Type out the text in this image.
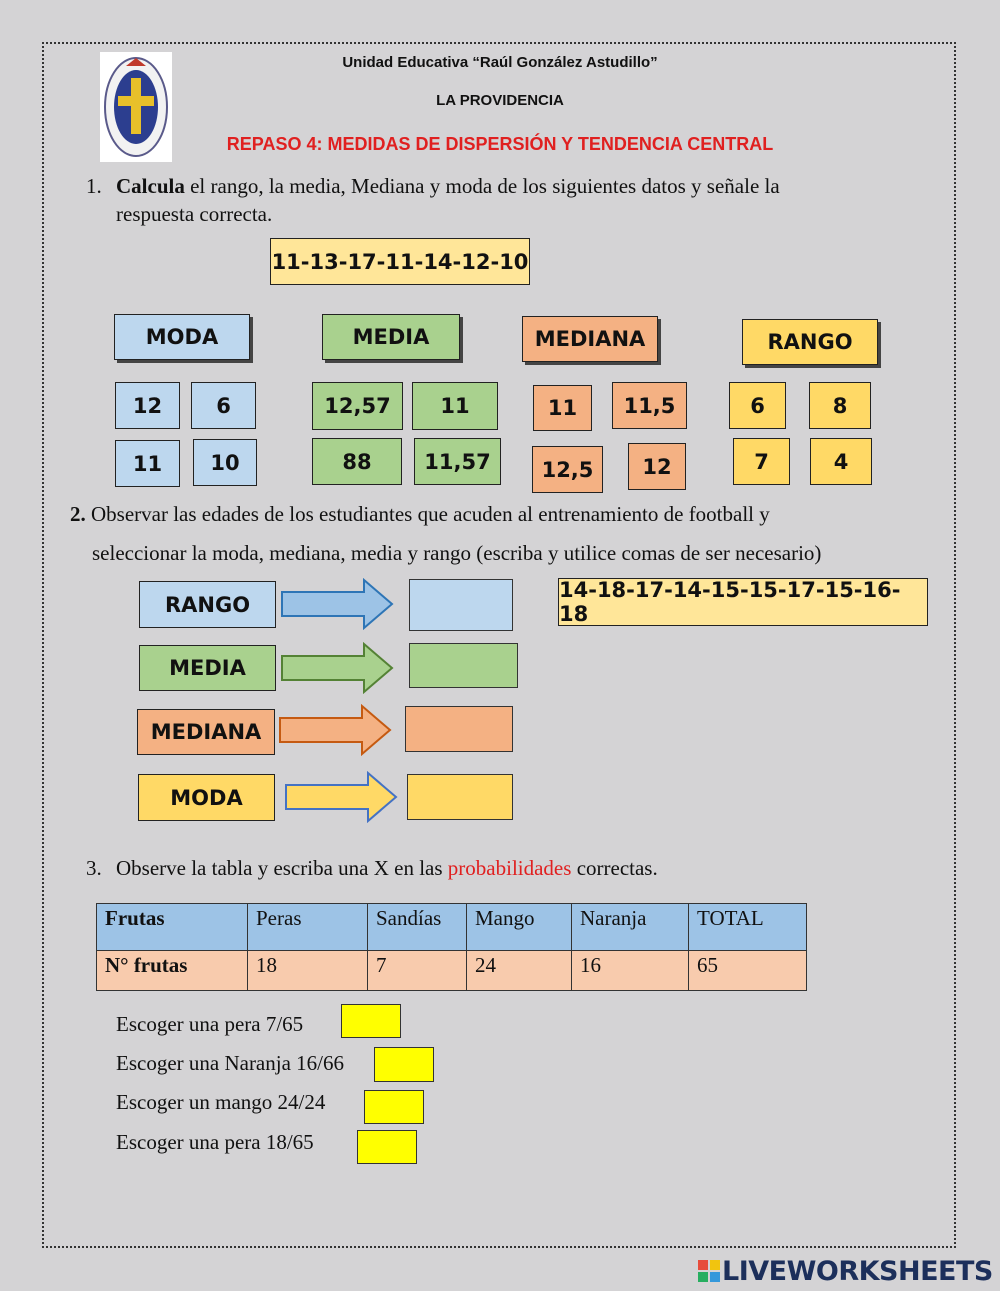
Unidad Educativa “Raúl González Astudillo”
LA PROVIDENCIA
REPASO 4: MEDIDAS DE DISPERSIÓN Y TENDENCIA CENTRAL
1. Calcula el rango, la media, Mediana y moda de los siguientes datos y señale la
respuesta correcta.
11-13-17-11-14-12-10
MODA	MEDIA	MEDIANA	RANGO
12	6
11	10
12,57	11
88	11,57
11	11,5
12,5	12
6	8
7	4
2. Observar las edades de los estudiantes que acuden al entrenamiento de football y
seleccionar la moda, mediana, media y rango (escriba y utilice comas de ser necesario)
14-18-17-14-15-15-17-15-16-18
RANGO
MEDIA
MEDIANA
MODA
3. Observe la tabla y escriba una X en las probabilidades correctas.
Frutas	Peras	Sandías	Mango	Naranja	TOTAL
N° frutas	18	7	24	16	65
Escoger una pera 7/65
Escoger una Naranja 16/66
Escoger un mango 24/24
Escoger una pera 18/65
LIVEWORKSHEETS
